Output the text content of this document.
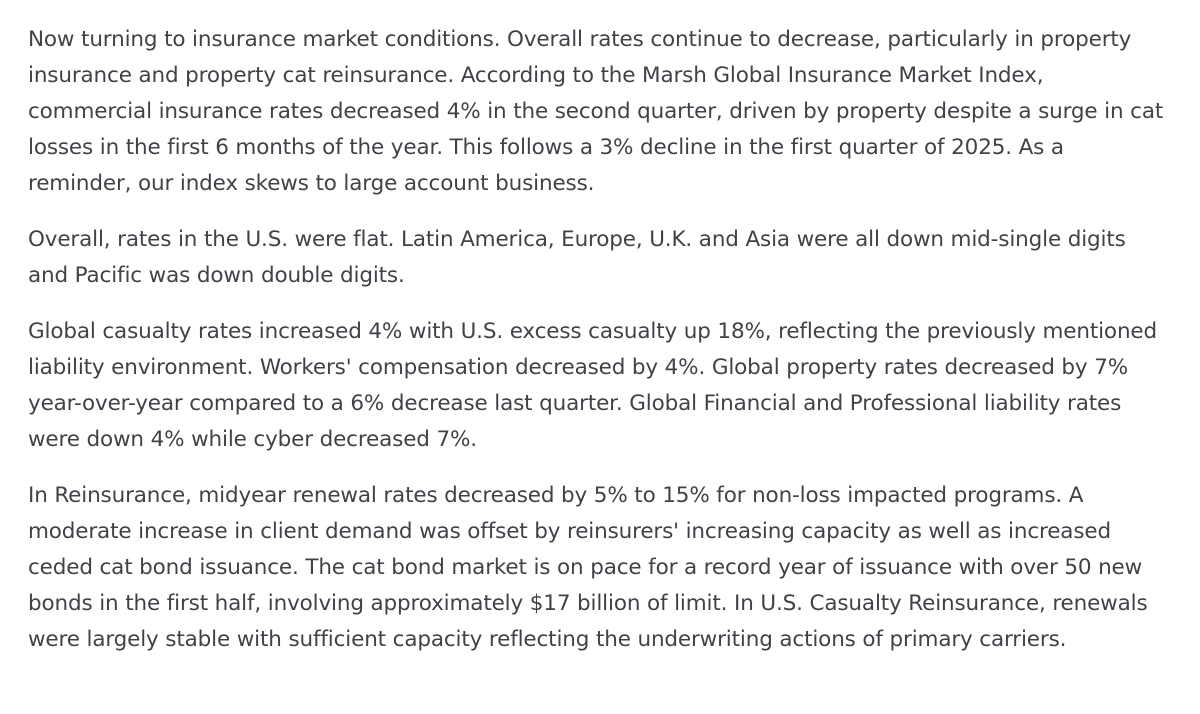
Now turning to insurance market conditions. Overall rates continue to decrease, particularly in property insurance and property cat reinsurance. According to the Marsh Global Insurance Market Index, commercial insurance rates decreased 4% in the second quarter, driven by property despite a surge in cat losses in the first 6 months of the year. This follows a 3% decline in the first quarter of 2025. As a reminder, our index skews to large account business.

Overall, rates in the U.S. were flat. Latin America, Europe, U.K. and Asia were all down mid-single digits and Pacific was down double digits.

Global casualty rates increased 4% with U.S. excess casualty up 18%, reflecting the previously mentioned liability environment. Workers' compensation decreased by 4%. Global property rates decreased by 7% year-over-year compared to a 6% decrease last quarter. Global Financial and Professional liability rates were down 4% while cyber decreased 7%.

In Reinsurance, midyear renewal rates decreased by 5% to 15% for non-loss impacted programs. A moderate increase in client demand was offset by reinsurers' increasing capacity as well as increased ceded cat bond issuance. The cat bond market is on pace for a record year of issuance with over 50 new bonds in the first half, involving approximately $17 billion of limit. In U.S. Casualty Reinsurance, renewals were largely stable with sufficient capacity reflecting the underwriting actions of primary carriers.
